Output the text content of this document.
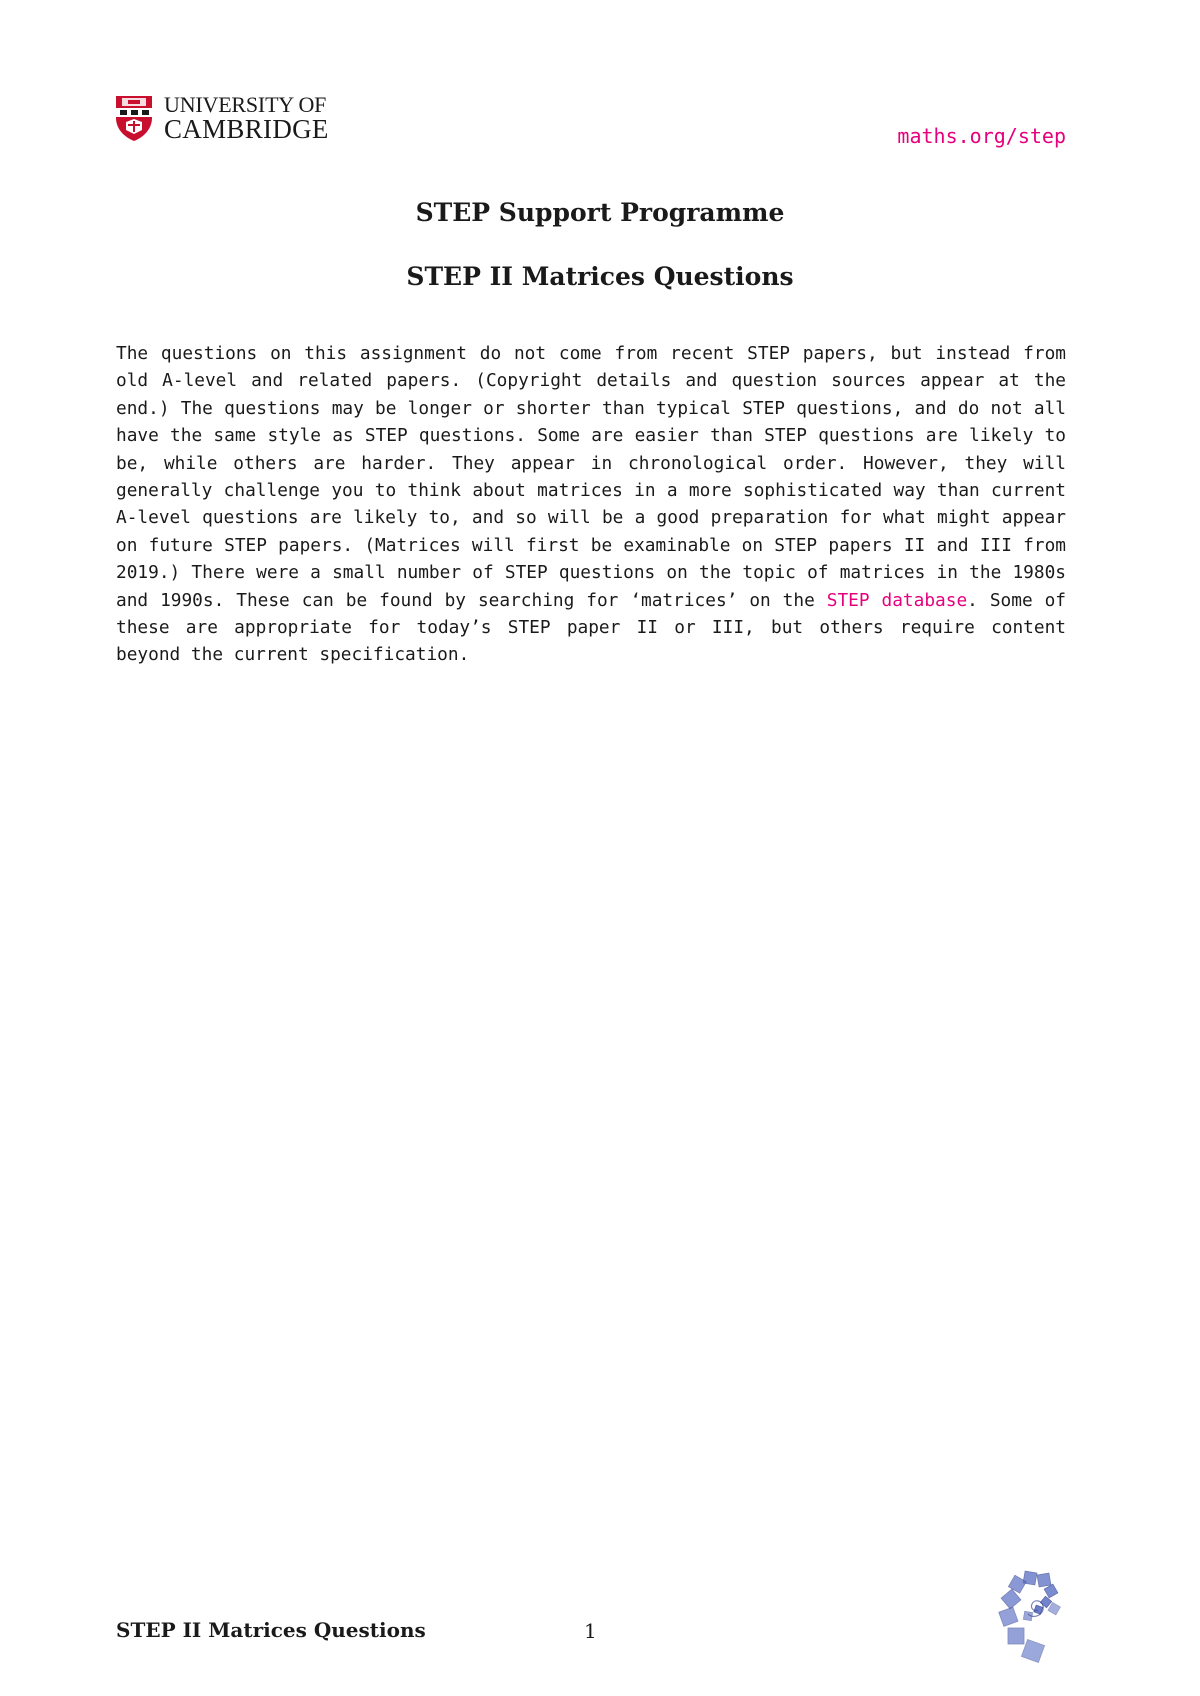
UNIVERSITY OF
CAMBRIDGE	maths.org/step
STEP Support Programme
STEP II Matrices Questions

The questions on this assignment do not come from recent STEP papers, but instead from old A-level and related papers. (Copyright details and question sources appear at the end.) The questions may be longer or shorter than typical STEP questions, and do not all have the same style as STEP questions. Some are easier than STEP questions are likely to be, while others are harder. They appear in chronological order. However, they will generally challenge you to think about matrices in a more sophisticated way than current A-level questions are likely to, and so will be a good preparation for what might appear on future STEP papers. (Matrices will first be examinable on STEP papers II and III from 2019.) There were a small number of STEP questions on the topic of matrices in the 1980s and 1990s. These can be found by searching for ‘matrices’ on the STEP database. Some of these are appropriate for today’s STEP paper II or III, but others require content beyond the current specification.

STEP II Matrices Questions	1
